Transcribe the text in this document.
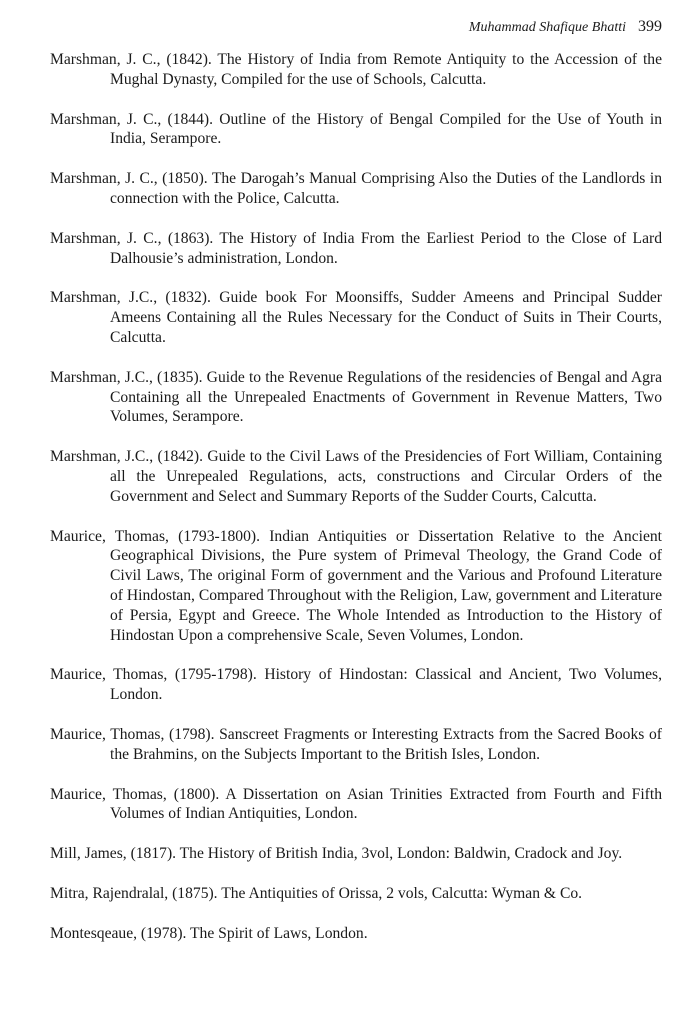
Muhammad Shafique Bhatti 399

Marshman, J. C., (1842). The History of India from Remote Antiquity to the Accession of the Mughal Dynasty, Compiled for the use of Schools, Calcutta.

Marshman, J. C., (1844). Outline of the History of Bengal Compiled for the Use of Youth in India, Serampore.

Marshman, J. C., (1850). The Darogah’s Manual Comprising Also the Duties of the Landlords in connection with the Police, Calcutta.

Marshman, J. C., (1863). The History of India From the Earliest Period to the Close of Lard Dalhousie’s administration, London.

Marshman, J.C., (1832). Guide book For Moonsiffs, Sudder Ameens and Principal Sudder Ameens Containing all the Rules Necessary for the Conduct of Suits in Their Courts, Calcutta.

Marshman, J.C., (1835). Guide to the Revenue Regulations of the residencies of Bengal and Agra Containing all the Unrepealed Enactments of Government in Revenue Matters, Two Volumes, Serampore.

Marshman, J.C., (1842). Guide to the Civil Laws of the Presidencies of Fort William, Containing all the Unrepealed Regulations, acts, constructions and Circular Orders of the Government and Select and Summary Reports of the Sudder Courts, Calcutta.

Maurice, Thomas, (1793-1800). Indian Antiquities or Dissertation Relative to the Ancient Geographical Divisions, the Pure system of Primeval Theology, the Grand Code of Civil Laws, The original Form of government and the Various and Profound Literature of Hindostan, Compared Throughout with the Religion, Law, government and Literature of Persia, Egypt and Greece. The Whole Intended as Introduction to the History of Hindostan Upon a comprehensive Scale, Seven Volumes, London.

Maurice, Thomas, (1795-1798). History of Hindostan: Classical and Ancient, Two Volumes, London.

Maurice, Thomas, (1798). Sanscreet Fragments or Interesting Extracts from the Sacred Books of the Brahmins, on the Subjects Important to the British Isles, London.

Maurice, Thomas, (1800). A Dissertation on Asian Trinities Extracted from Fourth and Fifth Volumes of Indian Antiquities, London.

Mill, James, (1817). The History of British India, 3vol, London: Baldwin, Cradock and Joy.

Mitra, Rajendralal, (1875). The Antiquities of Orissa, 2 vols, Calcutta: Wyman & Co.

Montesqeaue, (1978). The Spirit of Laws, London.
